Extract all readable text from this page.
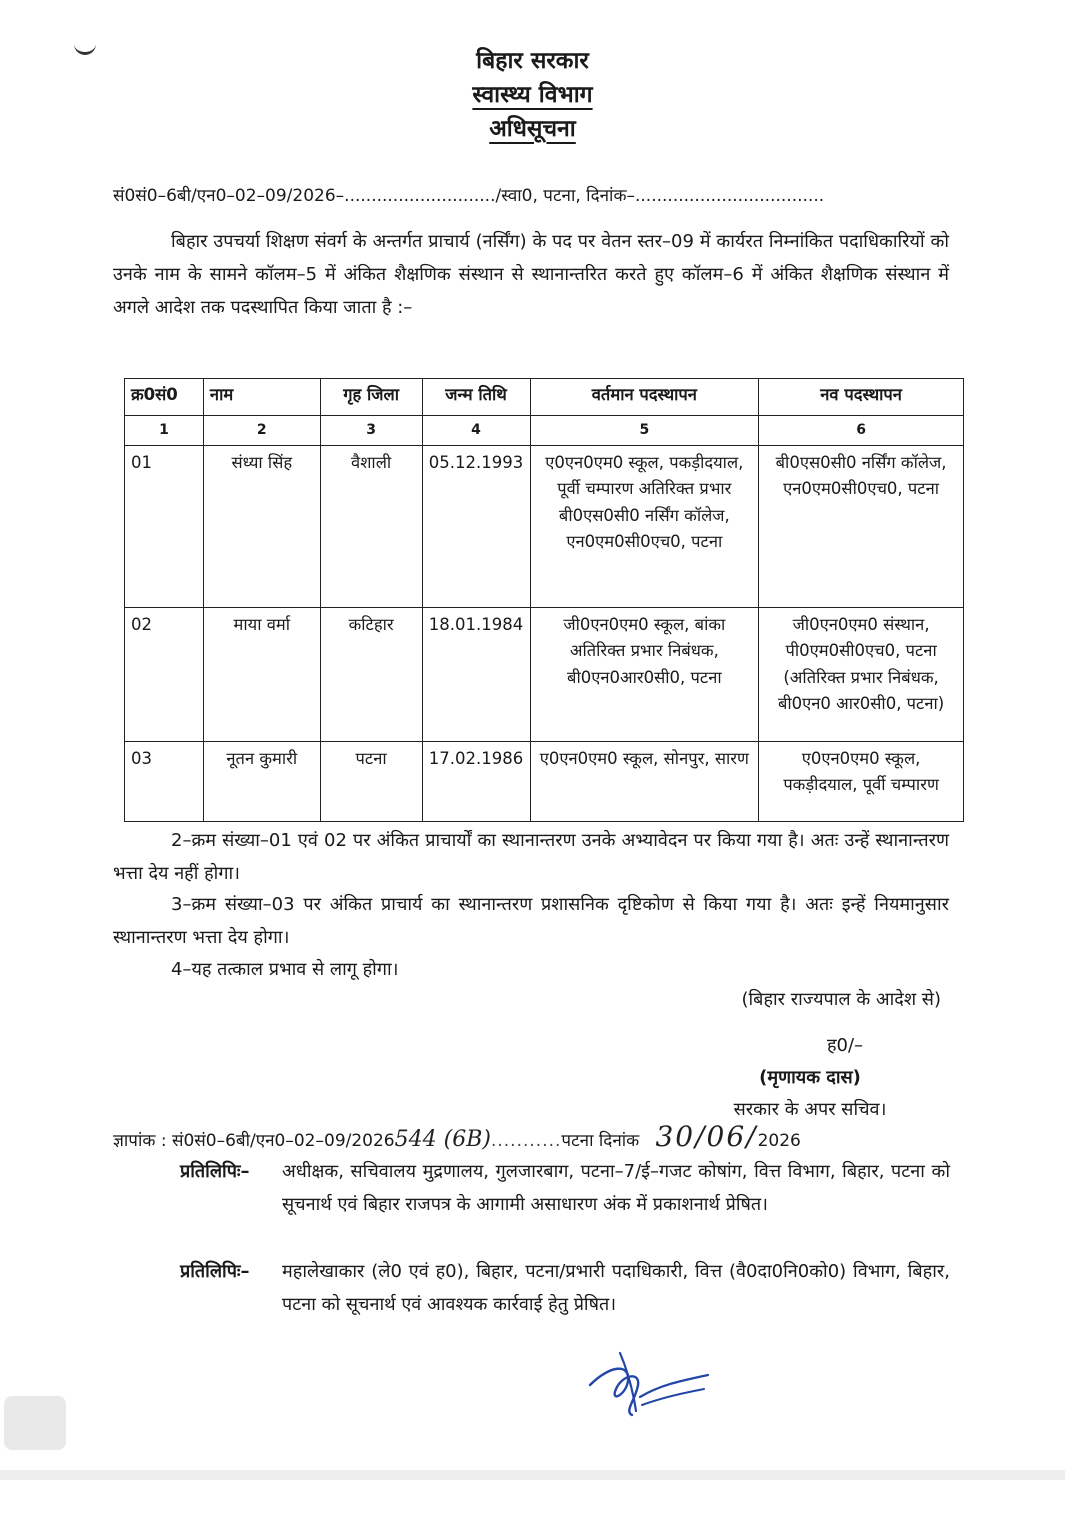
बिहार सरकार
स्वास्थ्य विभाग
अधिसूचना
सं0सं0–6बी/एन0–02–09/2026–............................/स्वा0, पटना, दिनांक–...................................
बिहार उपचर्या शिक्षण संवर्ग के अन्तर्गत प्राचार्य (नर्सिंग) के पद पर वेतन स्तर–09 में कार्यरत निम्नांकित पदाधिकारियों को उनके नाम के सामने कॉलम–5 में अंकित शैक्षणिक संस्थान से स्थानान्तरित करते हुए कॉलम–6 में अंकित शैक्षणिक संस्थान में अगले आदेश तक पदस्थापित किया जाता है :–
क्र0सं0	नाम	गृह जिला	जन्म तिथि	वर्तमान पदस्थापन	नव पदस्थापन
1	2	3	4	5	6
01	संध्या सिंह	वैशाली	05.12.1993	ए0एन0एम0 स्कूल, पकड़ीदयाल, पूर्वी चम्पारण अतिरिक्त प्रभार बी0एस0सी0 नर्सिंग कॉलेज, एन0एम0सी0एच0, पटना	बी0एस0सी0 नर्सिंग कॉलेज, एन0एम0सी0एच0, पटना
02	माया वर्मा	कटिहार	18.01.1984	जी0एन0एम0 स्कूल, बांका अतिरिक्त प्रभार निबंधक, बी0एन0आर0सी0, पटना	जी0एन0एम0 संस्थान, पी0एम0सी0एच0, पटना (अतिरिक्त प्रभार निबंधक, बी0एन0 आर0सी0, पटना)
03	नूतन कुमारी	पटना	17.02.1986	ए0एन0एम0 स्कूल, सोनपुर, सारण	ए0एन0एम0 स्कूल, पकड़ीदयाल, पूर्वी चम्पारण
2–क्रम संख्या–01 एवं 02 पर अंकित प्राचार्यों का स्थानान्तरण उनके अभ्यावेदन पर किया गया है। अतः उन्हें स्थानान्तरण भत्ता देय नहीं होगा।
3–क्रम संख्या–03 पर अंकित प्राचार्य का स्थानान्तरण प्रशासनिक दृष्टिकोण से किया गया है। अतः इन्हें नियमानुसार स्थानान्तरण भत्ता देय होगा।
4–यह तत्काल प्रभाव से लागू होगा।
(बिहार राज्यपाल के आदेश से)
ह0/–
(मृणायक दास)
सरकार के अपर सचिव।
ज्ञापांक : सं0सं0–6बी/एन0–02–09/2026544 (6B)...........पटना दिनांक 30/06/2026
प्रतिलिपिः–	अधीक्षक, सचिवालय मुद्रणालय, गुलजारबाग, पटना–7/ई–गजट कोषांग, वित्त विभाग, बिहार, पटना को सूचनार्थ एवं बिहार राजपत्र के आगामी असाधारण अंक में प्रकाशनार्थ प्रेषित।
प्रतिलिपिः–	महालेखाकार (ले0 एवं ह0), बिहार, पटना/प्रभारी पदाधिकारी, वित्त (वै0दा0नि0को0) विभाग, बिहार, पटना को सूचनार्थ एवं आवश्यक कार्रवाई हेतु प्रेषित।
